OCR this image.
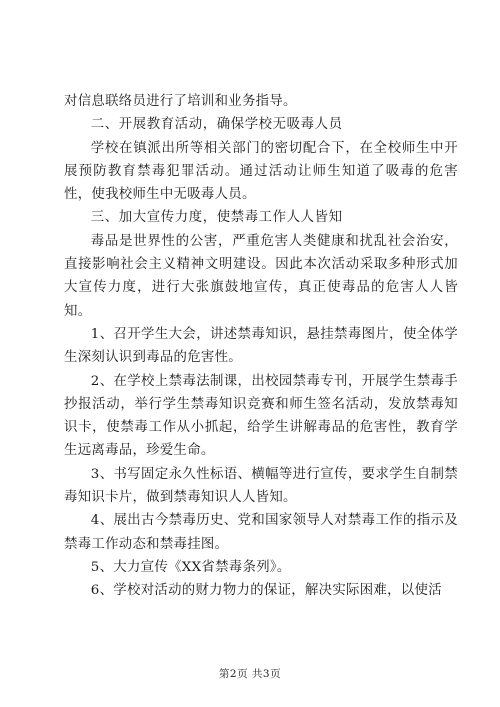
对信息联络员进行了培训和业务指导。

二、开展教育活动，确保学校无吸毒人员

学校在镇派出所等相关部门的密切配合下，在全校师生中开展预防教育禁毒犯罪活动。通过活动让师生知道了吸毒的危害性，使我校师生中无吸毒人员。

三、加大宣传力度，使禁毒工作人人皆知

毒品是世界性的公害，严重危害人类健康和扰乱社会治安，直接影响社会主义精神文明建设。因此本次活动采取多种形式加大宣传力度，进行大张旗鼓地宣传，真正使毒品的危害人人皆知。

1、召开学生大会，讲述禁毒知识，悬挂禁毒图片，使全体学生深刻认识到毒品的危害性。

2、在学校上禁毒法制课，出校园禁毒专刊，开展学生禁毒手抄报活动，举行学生禁毒知识竞赛和师生签名活动，发放禁毒知识卡，使禁毒工作从小抓起，给学生讲解毒品的危害性，教育学生远离毒品，珍爱生命。

3、书写固定永久性标语、横幅等进行宣传，要求学生自制禁毒知识卡片，做到禁毒知识人人皆知。

4、展出古今禁毒历史、党和国家领导人对禁毒工作的指示及禁毒工作动态和禁毒挂图。

5、大力宣传《XX省禁毒条列》。

6、学校对活动的财力物力的保证，解决实际困难，以使活

第2页 共3页
